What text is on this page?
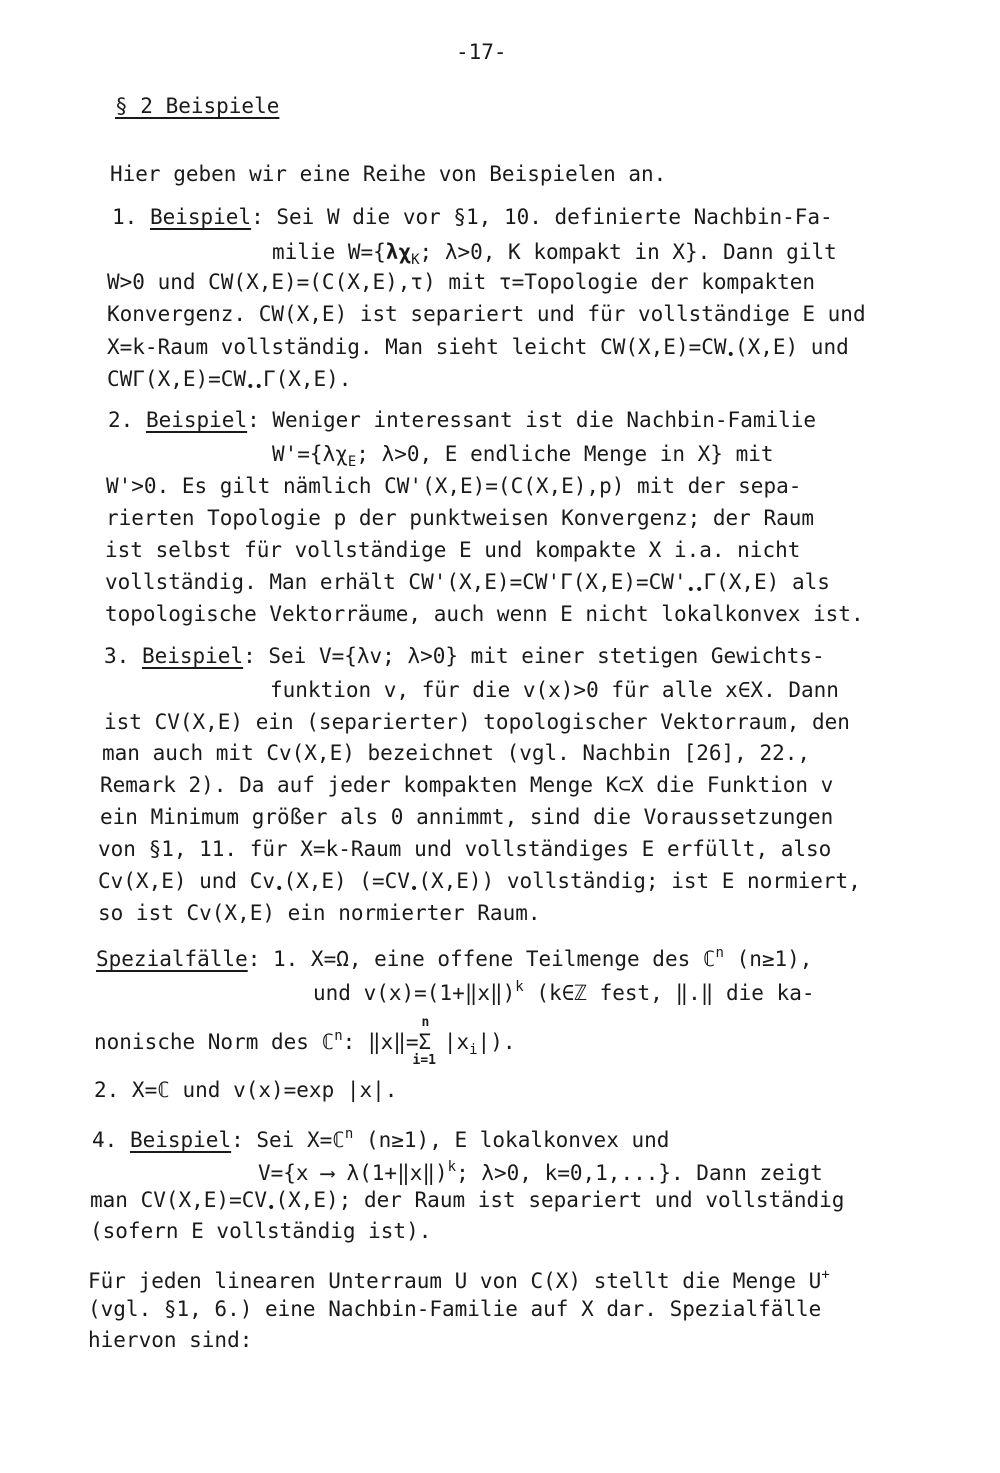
-17-
§ 2 Beispiele
Hier geben wir eine Reihe von Beispielen an.
1. Beispiel: Sei W die vor §1, 10. definierte Nachbin-Fa-
milie $W=\{\lambda\chi_K$; λ>0, K kompakt in X}. Dann gilt
W>0 und CW(X,E)=(C(X,E),τ) mit τ=Topologie der kompakten
Konvergenz. CW(X,E) ist separiert und für vollständige E und
X=k-Raum vollständig. Man sieht leicht $CW(X,E)=CW_•(X,E)$ und
$CW\Gamma(X,E)=CW_{••}\Gamma(X,E)$.
2. Beispiel: Weniger interessant ist die Nachbin-Familie
$W'=\{\lambda\chi_E$; λ>0, E endliche Menge in X} mit
W'>0. Es gilt nämlich CW'(X,E)=(C(X,E),p) mit der sepa-
rierten Topologie p der punktweisen Konvergenz; der Raum
ist selbst für vollständige E und kompakte X i.a. nicht
vollständig. Man erhält $CW'(X,E)=CW'\Gamma(X,E)=CW'_{••}\Gamma(X,E)$ als
topologische Vektorräume, auch wenn E nicht lokalkonvex ist.
3. Beispiel: Sei V={λv; λ>0} mit einer stetigen Gewichts-
funktion v, für die v(x)>0 für alle x∈X. Dann
ist CV(X,E) ein (separierter) topologischer Vektorraum, den
man auch mit Cv(X,E) bezeichnet (vgl. Nachbin [26], 22.,
Remark 2). Da auf jeder kompakten Menge K⊂X die Funktion v
ein Minimum größer als 0 annimmt, sind die Voraussetzungen
von §1, 11. für X=k-Raum und vollständiges E erfüllt, also
Cv(X,E) und $Cv_•(X,E)$ $(=CV_•(X,E))$ vollständig; ist E normiert,
so ist Cv(X,E) ein normierter Raum.
Spezialfälle: 1. X=Ω, eine offene Teilmenge des ℂ$^n$ (n≥1),
und v(x)=(1+‖x‖)$^k$ (k∈ℤ fest, ‖.‖ die ka-
nonische Norm des ℂ$^n$: ‖x‖=Σ
n
i=1
$|x_i|$).
2. X=ℂ und v(x)=exp |x|.
4. Beispiel: Sei X=ℂ$^n$ (n≥1), E lokalkonvex und
V={x ⟶ λ(1+‖x‖)$^k$; λ>0, k=0,1,...}. Dann zeigt
man $CV(X,E)=CV_•(X,E)$; der Raum ist separiert und vollständig
(sofern E vollständig ist).
Für jeden linearen Unterraum U von C(X) stellt die Menge U+
(vgl. §1, 6.) eine Nachbin-Familie auf X dar. Spezialfälle
hiervon sind:
